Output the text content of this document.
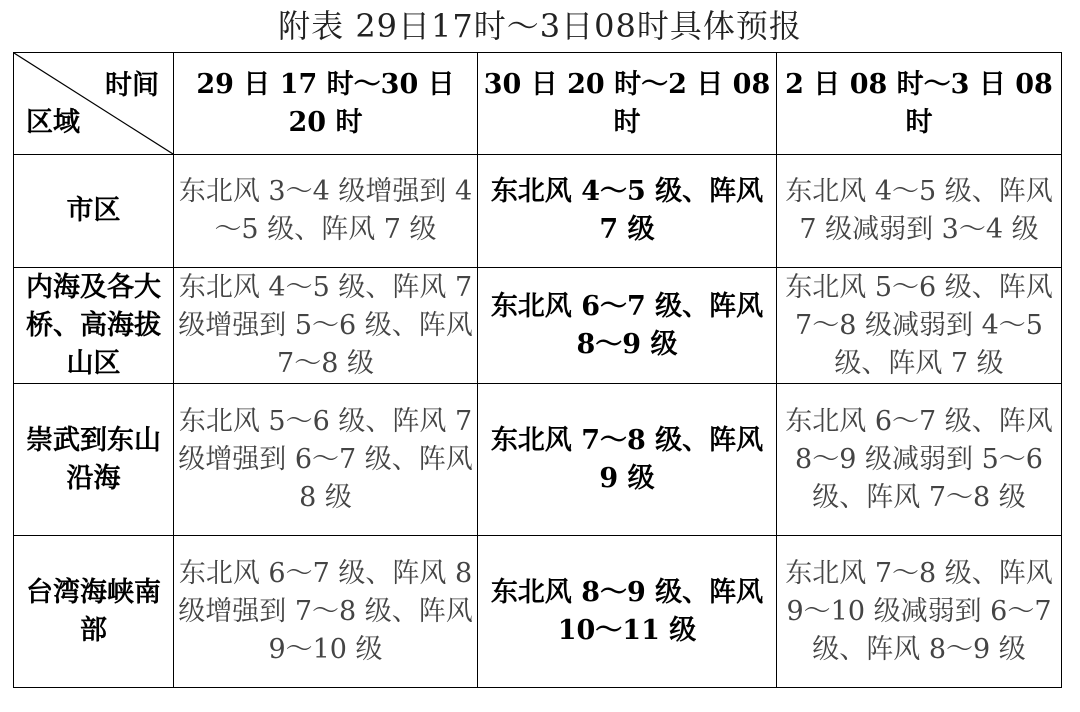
附表 29日17时～3日08时具体预报
时间
区域	29 日 17 时～30 日 20 时	30 日 20 时～2 日 08 时	2 日 08 时～3 日 08 时
市区	东北风 3～4 级增强到 4～5 级、阵风 7 级	东北风 4～5 级、阵风 7 级	东北风 4～5 级、阵风 7 级减弱到 3～4 级
内海及各大桥、高海拔山区	东北风 4～5 级、阵风 7 级增强到 5～6 级、阵风 7～8 级	东北风 6～7 级、阵风 8～9 级	东北风 5～6 级、阵风 7～8 级减弱到 4～5 级、阵风 7 级
崇武到东山沿海	东北风 5～6 级、阵风 7 级增强到 6～7 级、阵风 8 级	东北风 7～8 级、阵风 9 级	东北风 6～7 级、阵风 8～9 级减弱到 5～6 级、阵风 7～8 级
台湾海峡南部	东北风 6～7 级、阵风 8 级增强到 7～8 级、阵风 9～10 级	东北风 8～9 级、阵风 10～11 级	东北风 7～8 级、阵风 9～10 级减弱到 6～7 级、阵风 8～9 级
